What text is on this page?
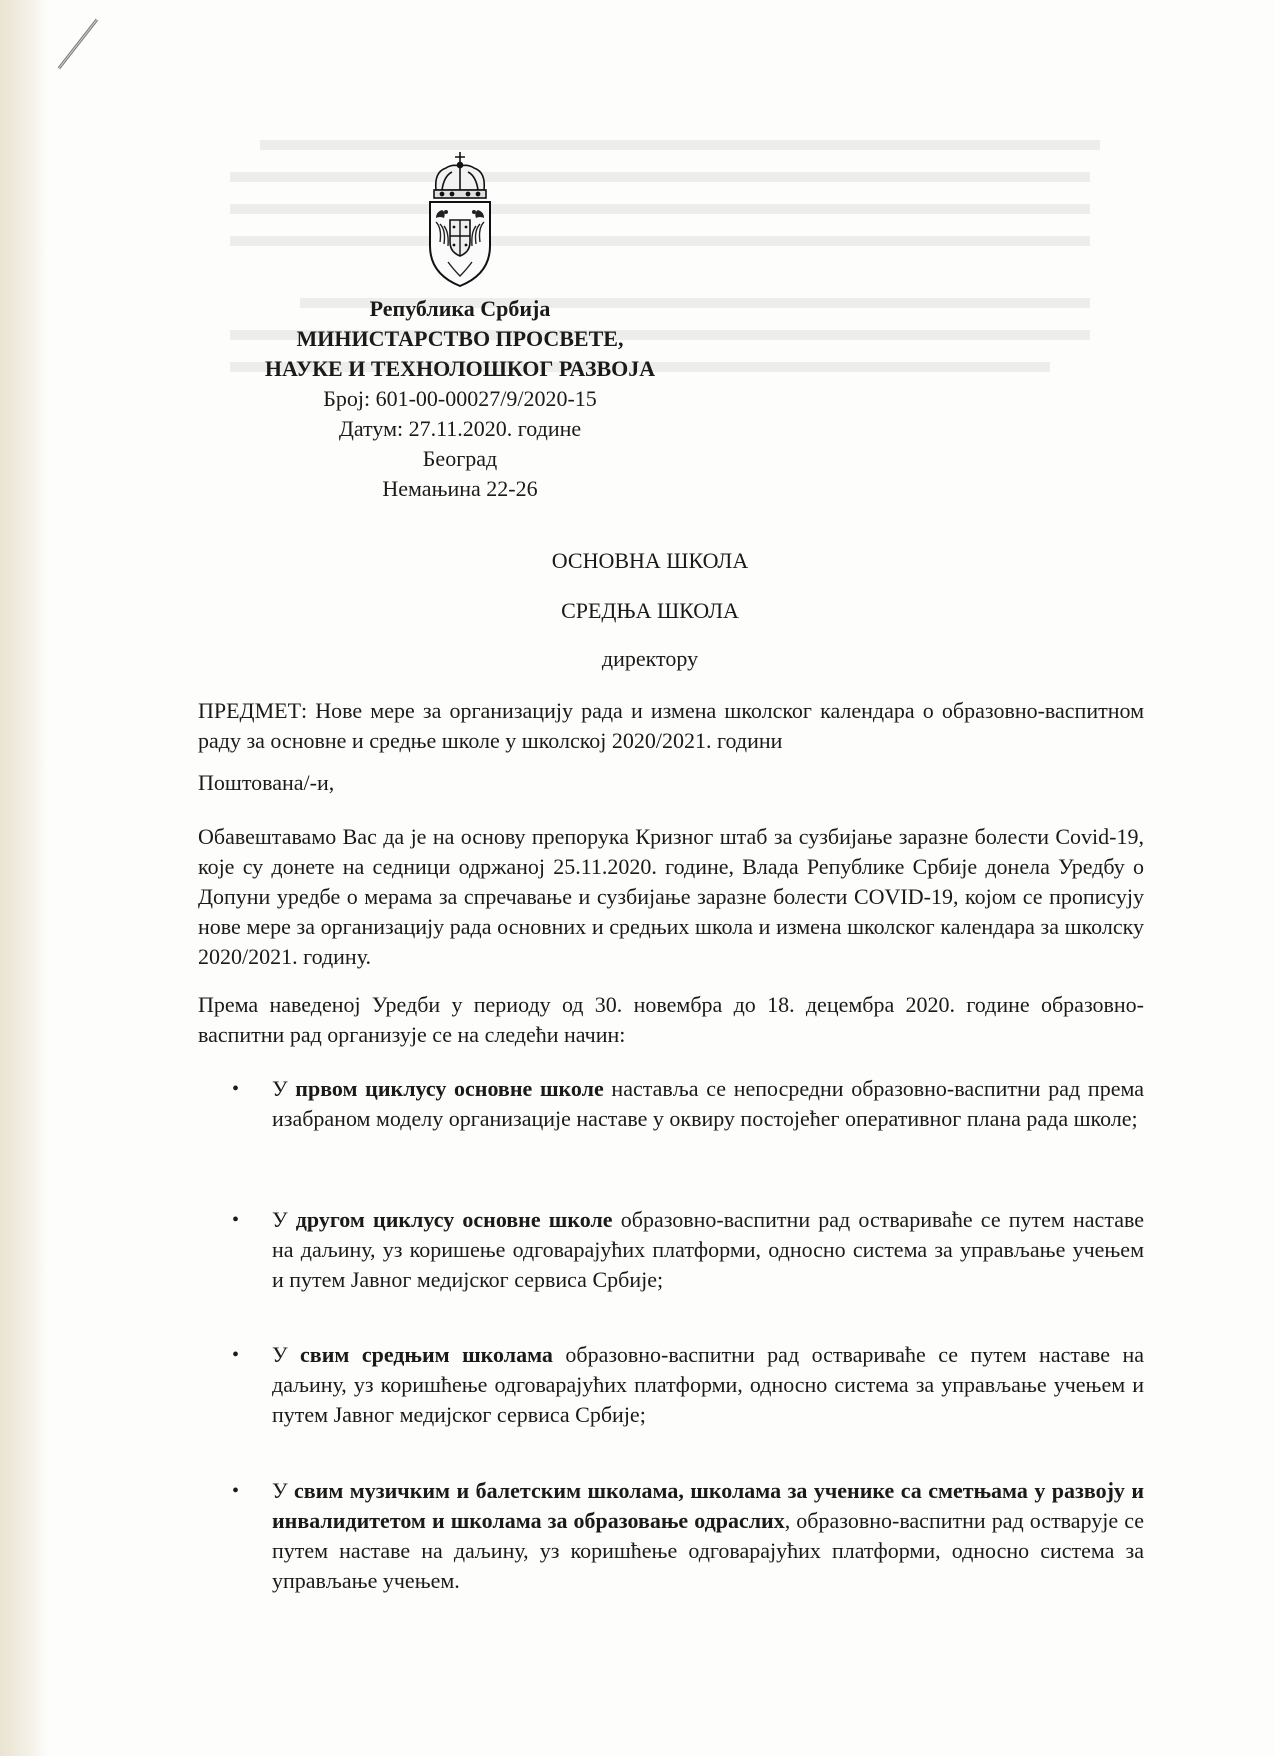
Република Србија
МИНИСТАРСТВО ПРОСВЕТЕ,
НАУКЕ И ТЕХНОЛОШКОГ РАЗВОЈА
Број: 601-00-00027/9/2020-15
Датум: 27.11.2020. године
Београд
Немањина 22-26
ОСНОВНА ШКОЛА
СРЕДЊА ШКОЛА
директору

ПРЕДМЕТ: Нове мере за организацију рада и измена школског календара о образовно-васпитном раду за основне и средње школе у школској 2020/2021. години

Поштована/-и,

Обавештавамо Вас да је на основу препорука Кризног штаб за сузбијање заразне болести Covid-19, које су донете на седници одржаној 25.11.2020. године, Влада Републике Србије донела Уредбу о Допуни уредбе о мерама за спречавање и сузбијање заразне болести COVID-19, којом се прописују нове мере за организацију рада основних и средњих школа и измена школског календара за школску 2020/2021. годину.

Према наведеној Уредби у периоду од 30. новембра до 18. децембра 2020. године образовно-васпитни рад организује се на следећи начин:

•	У првом циклусу основне школе наставља се непосредни образовно-васпитни рад према изабраном моделу организације наставе у оквиру постојећег оперативног плана рада школе;
•	У другом циклусу основне школе образовно-васпитни рад оствариваће се путем наставе на даљину, уз коришење одговарајућих платформи, односно система за управљање учењем и путем Јавног медијског сервиса Србије;
•	У свим средњим школама образовно-васпитни рад оствариваће се путем наставе на даљину, уз коришћење одговарајућих платформи, односно система за управљање учењем и путем Јавног медијског сервиса Србије;
•	У свим музичким и балетским школама, школама за ученике са сметњама у развоју и инвалидитетом и школама за образовање одраслих, образовно-васпитни рад остварује се путем наставе на даљину, уз коришћење одговарајућих платформи, односно система за управљање учењем.
